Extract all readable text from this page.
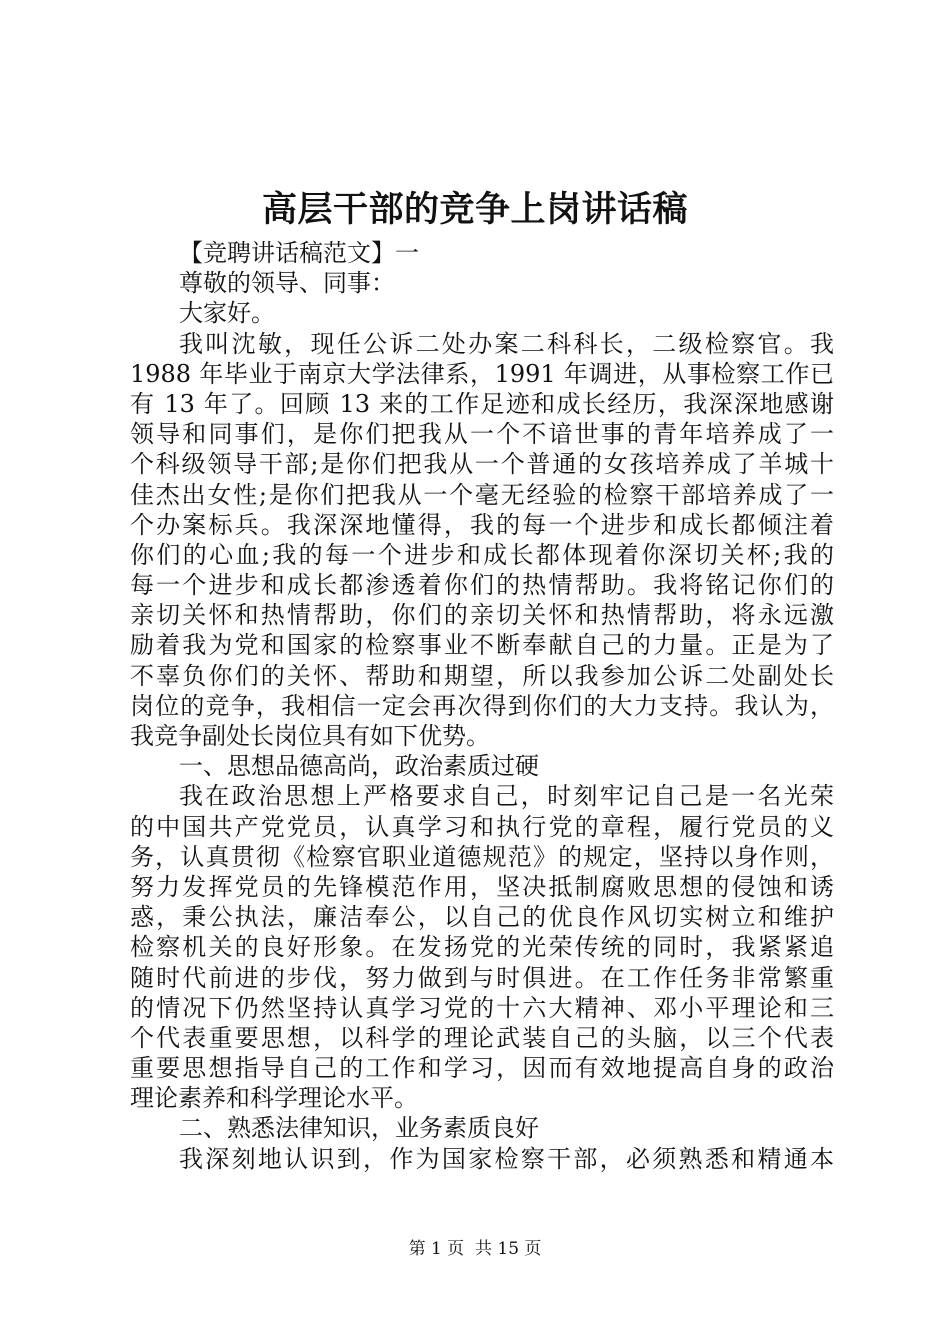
高层干部的竞争上岗讲话稿
【竞聘讲话稿范文】一
尊敬的领导、同事：
大家好。
我叫沈敏，现任公诉二处办案二科科长，二级检察官。我
1988 年毕业于南京大学法律系，1991 年调进，从事检察工作已
有 13 年了。回顾 13 来的工作足迹和成长经历，我深深地感谢
领导和同事们，是你们把我从一个不谙世事的青年培养成了一
个科级领导干部;是你们把我从一个普通的女孩培养成了羊城十
佳杰出女性;是你们把我从一个毫无经验的检察干部培养成了一
个办案标兵。我深深地懂得，我的每一个进步和成长都倾注着
你们的心血;我的每一个进步和成长都体现着你深切关杯;我的
每一个进步和成长都渗透着你们的热情帮助。我将铭记你们的
亲切关怀和热情帮助，你们的亲切关怀和热情帮助，将永远激
励着我为党和国家的检察事业不断奉献自己的力量。正是为了
不辜负你们的关怀、帮助和期望，所以我参加公诉二处副处长
岗位的竞争，我相信一定会再次得到你们的大力支持。我认为，
我竞争副处长岗位具有如下优势。
一、思想品德高尚，政治素质过硬
我在政治思想上严格要求自己，时刻牢记自己是一名光荣
的中国共产党党员，认真学习和执行党的章程，履行党员的义
务，认真贯彻《检察官职业道德规范》的规定，坚持以身作则，
努力发挥党员的先锋模范作用，坚决抵制腐败思想的侵蚀和诱
惑，秉公执法，廉洁奉公，以自己的优良作风切实树立和维护
检察机关的良好形象。在发扬党的光荣传统的同时，我紧紧追
随时代前进的步伐，努力做到与时俱进。在工作任务非常繁重
的情况下仍然坚持认真学习党的十六大精神、邓小平理论和三
个代表重要思想，以科学的理论武装自己的头脑，以三个代表
重要思想指导自己的工作和学习，因而有效地提高自身的政治
理论素养和科学理论水平。
二、熟悉法律知识，业务素质良好
我深刻地认识到，作为国家检察干部，必须熟悉和精通本
第 1 页  共 15 页
